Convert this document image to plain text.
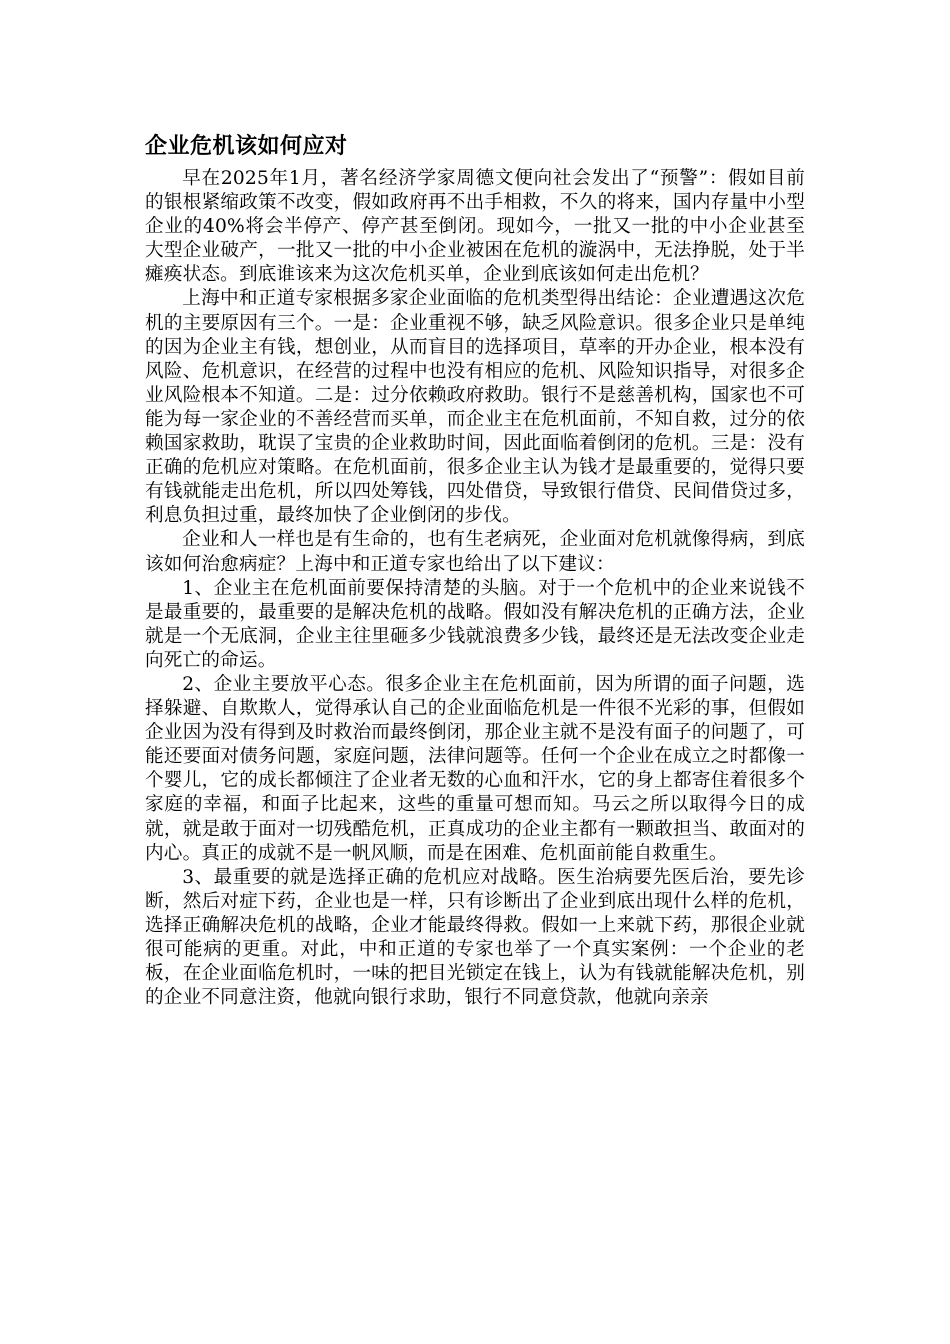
企业危机该如何应对

早在2025年1月，著名经济学家周德文便向社会发出了“预警”：假如目前的银根紧缩政策不改变，假如政府再不出手相救，不久的将来，国内存量中小型企业的40%将会半停产、停产甚至倒闭。现如今，一批又一批的中小企业甚至大型企业破产，一批又一批的中小企业被困在危机的漩涡中，无法挣脱，处于半瘫痪状态。到底谁该来为这次危机买单，企业到底该如何走出危机？

上海中和正道专家根据多家企业面临的危机类型得出结论：企业遭遇这次危机的主要原因有三个。一是：企业重视不够，缺乏风险意识。很多企业只是单纯的因为企业主有钱，想创业，从而盲目的选择项目，草率的开办企业，根本没有风险、危机意识，在经营的过程中也没有相应的危机、风险知识指导，对很多企业风险根本不知道。二是：过分依赖政府救助。银行不是慈善机构，国家也不可能为每一家企业的不善经营而买单，而企业主在危机面前，不知自救，过分的依赖国家救助，耽误了宝贵的企业救助时间，因此面临着倒闭的危机。三是：没有正确的危机应对策略。在危机面前，很多企业主认为钱才是最重要的，觉得只要有钱就能走出危机，所以四处筹钱，四处借贷，导致银行借贷、民间借贷过多，利息负担过重，最终加快了企业倒闭的步伐。

企业和人一样也是有生命的，也有生老病死，企业面对危机就像得病，到底该如何治愈病症？上海中和正道专家也给出了以下建议：

1、企业主在危机面前要保持清楚的头脑。对于一个危机中的企业来说钱不是最重要的，最重要的是解决危机的战略。假如没有解决危机的正确方法，企业就是一个无底洞，企业主往里砸多少钱就浪费多少钱，最终还是无法改变企业走向死亡的命运。

2、企业主要放平心态。很多企业主在危机面前，因为所谓的面子问题，选择躲避、自欺欺人，觉得承认自己的企业面临危机是一件很不光彩的事，但假如企业因为没有得到及时救治而最终倒闭，那企业主就不是没有面子的问题了，可能还要面对债务问题，家庭问题，法律问题等。任何一个企业在成立之时都像一个婴儿，它的成长都倾注了企业者无数的心血和汗水，它的身上都寄住着很多个家庭的幸福，和面子比起来，这些的重量可想而知。马云之所以取得今日的成就，就是敢于面对一切残酷危机，正真成功的企业主都有一颗敢担当、敢面对的内心。真正的成就不是一帆风顺，而是在困难、危机面前能自救重生。

3、最重要的就是选择正确的危机应对战略。医生治病要先医后治，要先诊断，然后对症下药，企业也是一样，只有诊断出了企业到底出现什么样的危机，选择正确解决危机的战略，企业才能最终得救。假如一上来就下药，那很企业就很可能病的更重。对此，中和正道的专家也举了一个真实案例：一个企业的老板，在企业面临危机时，一味的把目光锁定在钱上，认为有钱就能解决危机，别的企业不同意注资，他就向银行求助，银行不同意贷款，他就向亲亲
